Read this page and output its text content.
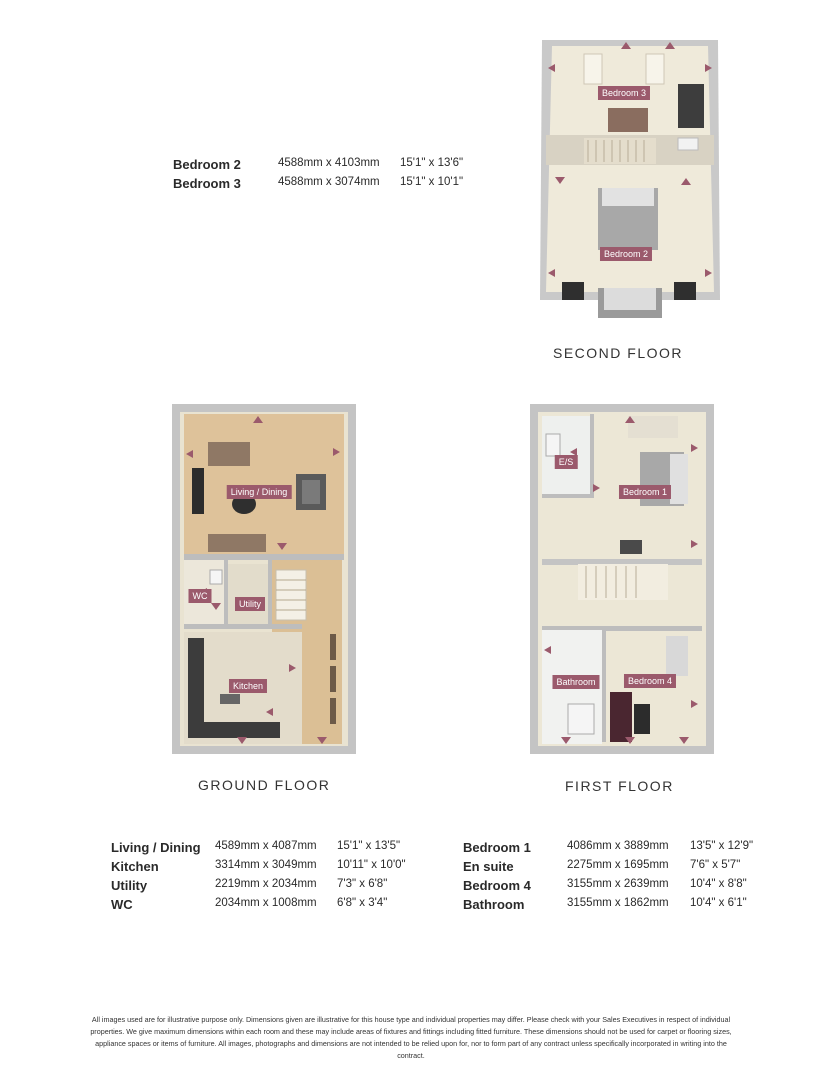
Bedroom 2	4588mm x 4103mm 15'1" x 13'6"
Bedroom 3	4588mm x 3074mm 15'1" x 10'1"
Bedroom 3
Bedroom 2
SECOND FLOOR
Living / Dining
WC
Utility
Kitchen
GROUND FLOOR
E/S
Bedroom 1
Bathroom	Bedroom 4
FIRST FLOOR
Living / Dining 4589mm x 4087mm 15'1" x 13'5"
Kitchen	3314mm x 3049mm 10'11" x 10'0"
Utility	2219mm x 2034mm 7'3" x 6'8"
WC	2034mm x 1008mm 6'8" x 3'4"
Bedroom 1	4086mm x 3889mm 13'5" x 12'9"
En suite	2275mm x 1695mm 7'6" x 5'7"
Bedroom 4	3155mm x 2639mm 10'4" x 8'8"
Bathroom	3155mm x 1862mm 10'4" x 6'1"
All images used are for illustrative purpose only. Dimensions given are illustrative for this house type and individual properties may differ. Please check with your Sales Executives in respect of individual properties. We give maximum dimensions within each room and these may include areas of fixtures and fittings including fitted furniture. These dimensions should not be used for carpet or flooring sizes, appliance spaces or items of furniture. All images, photographs and dimensions are not intended to be relied upon for, nor to form part of any contract unless specifically incorporated in writing into the contract.
